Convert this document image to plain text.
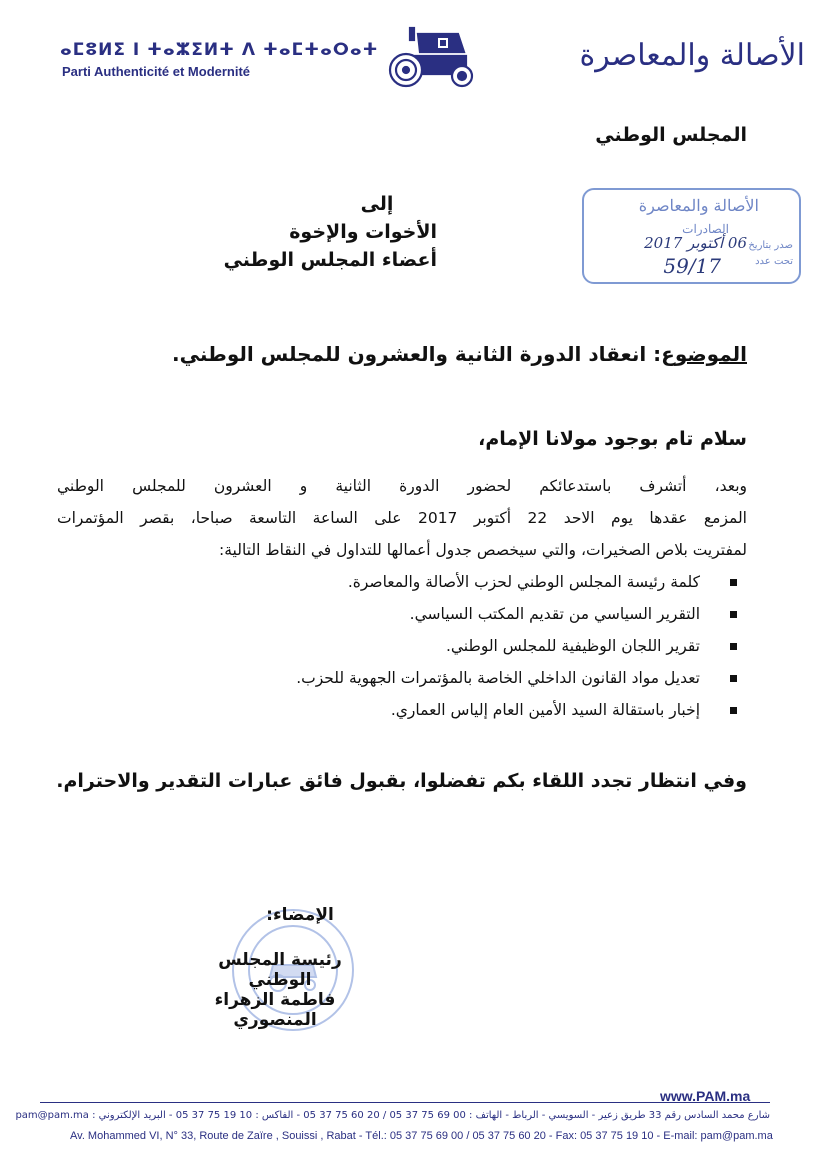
ⴰⵎⵓⵍⵉ ⵏ ⵜⴰⵣⵉⵍⵜ ⴷ ⵜⴰⵎⵜⴰⵔⴰⵜ
Parti Authenticité et Modernité	الأصالة والمعاصرة
المجلس الوطني
إلى
الأخوات والإخوة
أعضاء المجلس الوطني
الأصالة والمعاصرة
الصادرات
صدر بتاريخ
تحت عدد
06 أكتوبر 2017
59/17
الموضوع: انعقاد الدورة الثانية والعشرون للمجلس الوطني.
سلام تام بوجود مولانا الإمام،

وبعد، أتشرف باستدعائكم لحضور الدورة الثانية و العشرون للمجلس الوطني

المزمع عقدها يوم الاحد 22 أكتوبر 2017 على الساعة التاسعة صباحا، بقصر المؤتمرات

لمفتريت بلاص الصخيرات، والتي سيخصص جدول أعمالها للتداول في النقاط التالية:

كلمة رئيسة المجلس الوطني لحزب الأصالة والمعاصرة.
التقرير السياسي من تقديم المكتب السياسي.
تقرير اللجان الوظيفية للمجلس الوطني.
تعديل مواد القانون الداخلي الخاصة بالمؤتمرات الجهوية للحزب.
إخبار باستقالة السيد الأمين العام إلياس العماري.
وفي انتظار تجدد اللقاء بكم تفضلوا، بقبول فائق عبارات التقدير والاحترام.
الإمضاء:
رئيسة المجلس الوطني
فاطمة الزهراء المنصوري
www.PAM.ma
شارع محمد السادس رقم 33 طريق زعير - السويسي - الرباط - الهاتف : 00 69 75 37 05 / 20 60 75 37 05 - الفاكس : 10 19 75 37 05 - البريد الإلكتروني : pam@pam.ma
Av. Mohammed VI, N° 33, Route de Zaïre , Souissi , Rabat - Tél.: 05 37 75 69 00 / 05 37 75 60 20 - Fax: 05 37 75 19 10 - E-mail: pam@pam.ma
